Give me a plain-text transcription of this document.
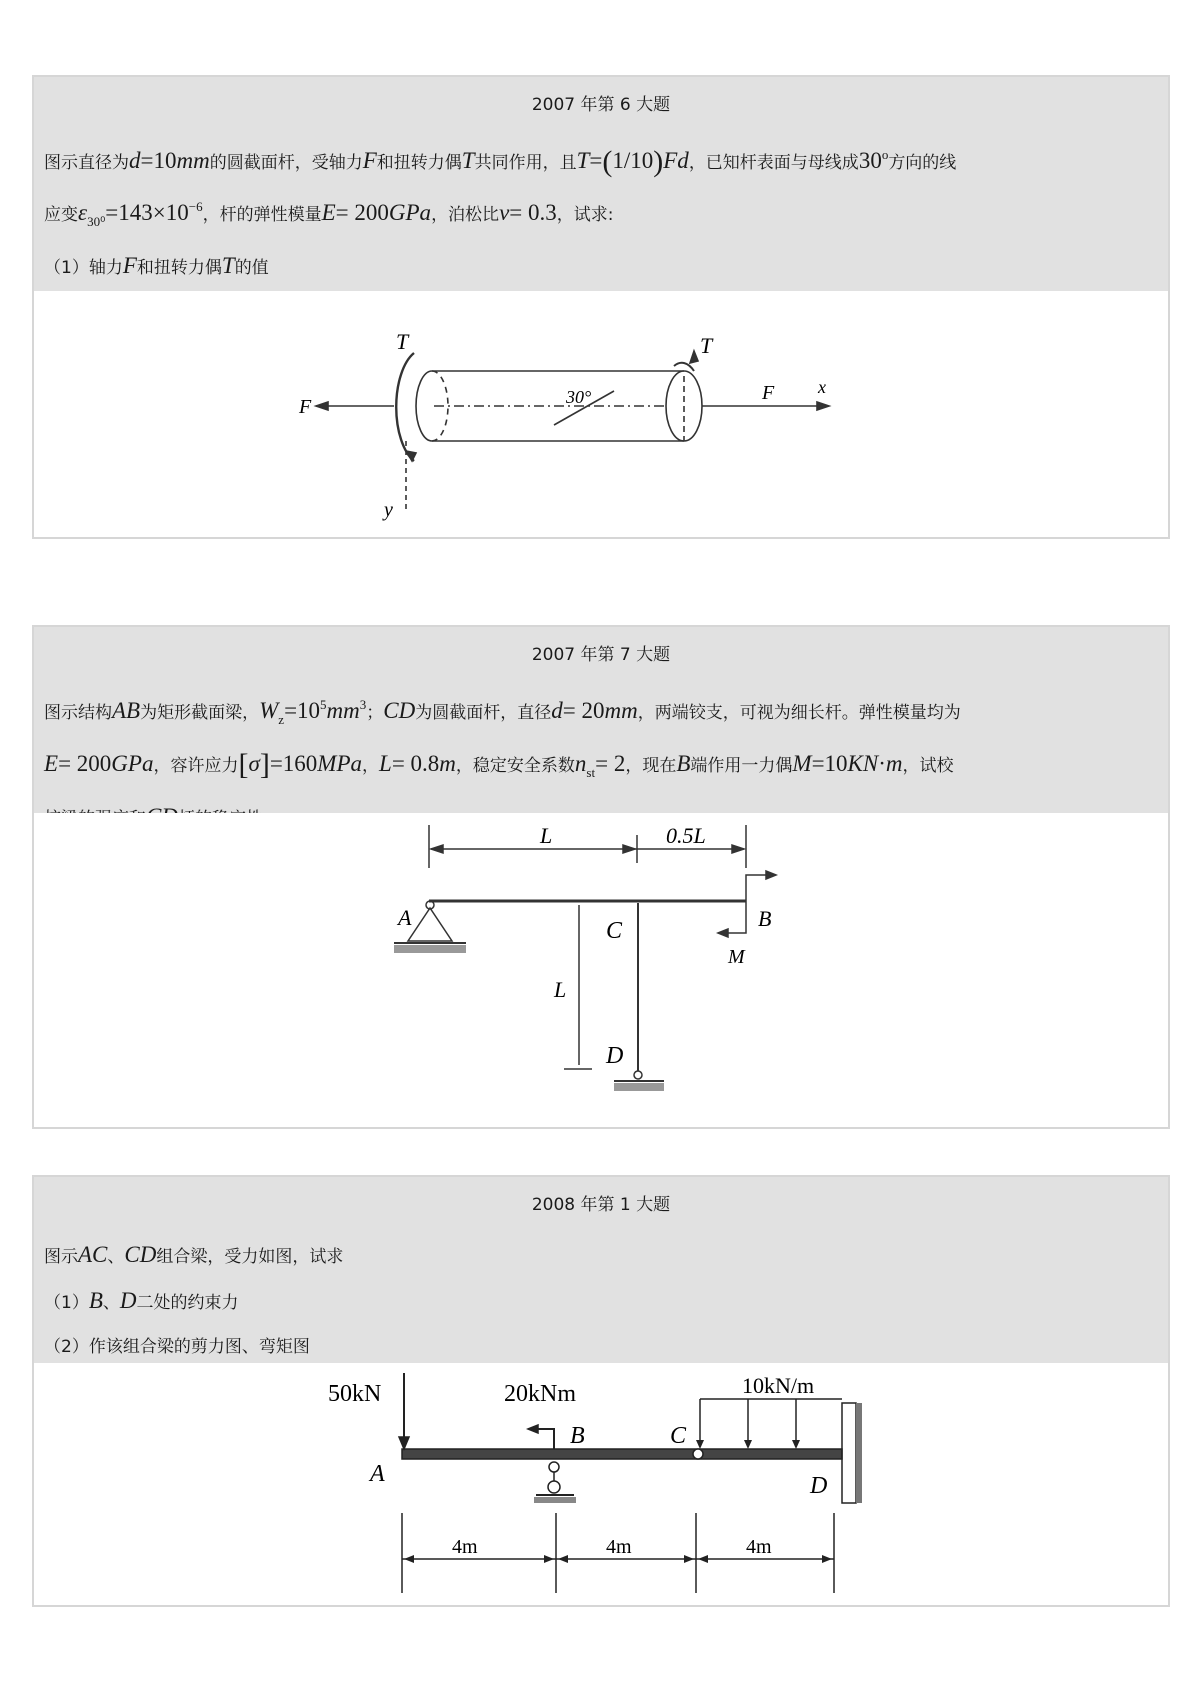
2007 年第 6 大题
图示直径为d=10mm的圆截面杆，受轴力F和扭转力偶T共同作用，且T=(1/10)Fd，已知杆表面与母线成30$^o$方向的线
应变$\varepsilon_{30^0}=143\times 10^{-6}$，杆的弹性模量E= 200GPa，泊松比ν= 0.3，试求:
（1）轴力F和扭转力偶T的值
T	T
F
F
30°	x
y
2007 年第 7 大题
图示结构AB为矩形截面梁，$W_z=10^5mm^3$；CD为圆截面杆，直径d= 20mm，两端铰支，可视为细长杆。弹性模量均为
E= 200GPa，容许应力[σ]=160MPa，L= 0.8m，稳定安全系数$n_{st}= 2$，现在B端作用一力偶M=10KN·m，试校
L	0.5L
A	B
C
D
M
L
2008 年第 1 大题
图示AC、CD组合梁，受力如图，试求
（1）B、D二处的约束力
（2）作该组合梁的剪力图、弯矩图
50kN	20kNm	10kN/m
A
B	C
D
4m	4m	4m
